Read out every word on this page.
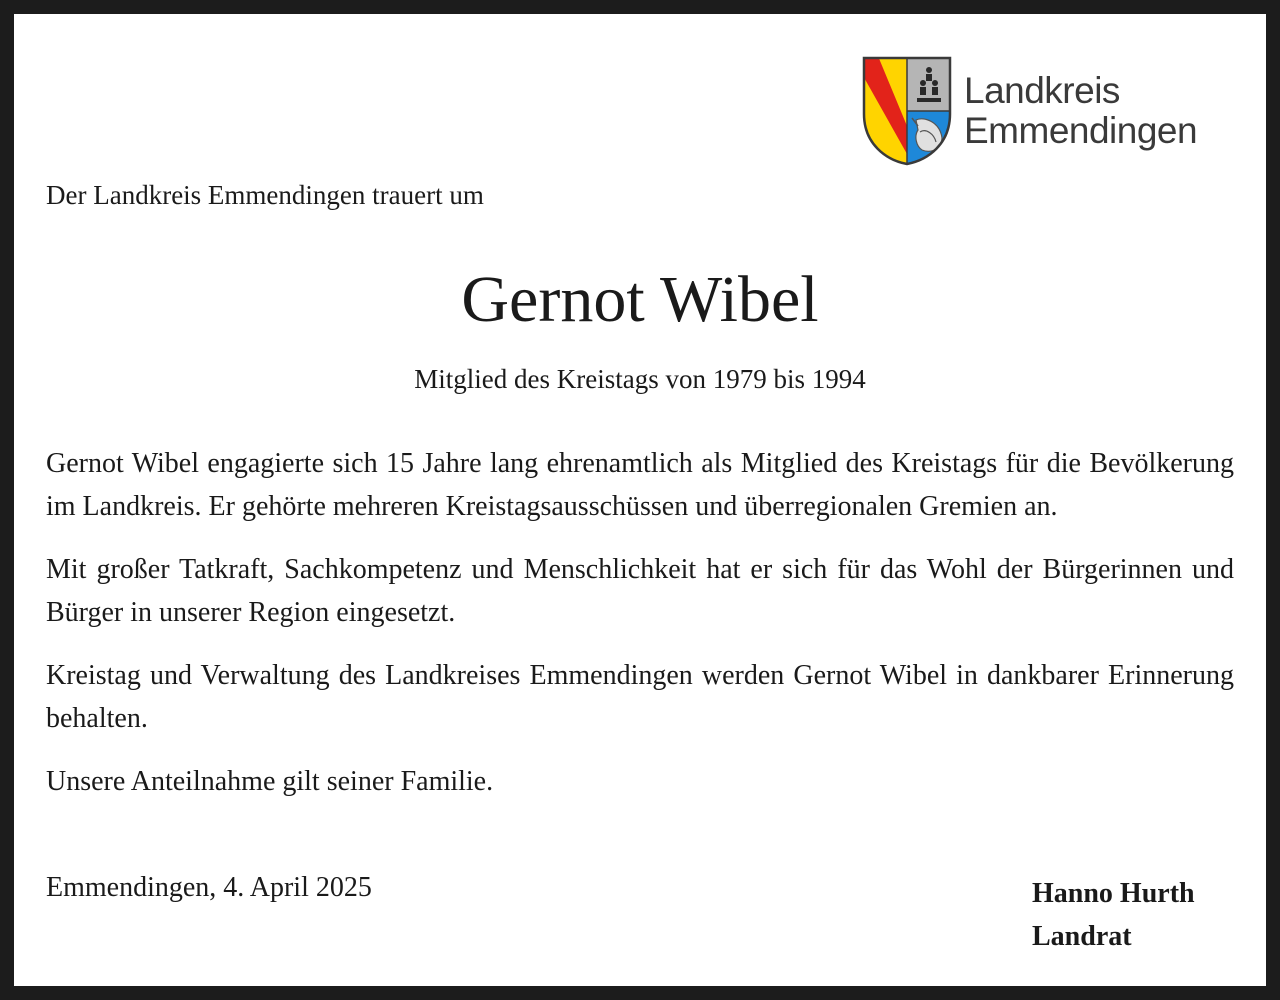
Landkreis
Emmendingen
Der Landkreis Emmendingen trauert um
Gernot Wibel
Mitglied des Kreistags von 1979 bis 1994

Gernot Wibel engagierte sich 15 Jahre lang ehrenamtlich als Mitglied des Kreistags für die Bevölkerung im Landkreis. Er gehörte mehreren Kreistagsausschüssen und überregionalen Gremien an.

Mit großer Tatkraft, Sachkompetenz und Menschlichkeit hat er sich für das Wohl der Bürgerinnen und Bürger in unserer Region eingesetzt.

Kreistag und Verwaltung des Landkreises Emmendingen werden Gernot Wibel in dankbarer Erinnerung behalten.

Unsere Anteilnahme gilt seiner Familie.

Emmendingen, 4. April 2025	Hanno Hurth
Landrat
